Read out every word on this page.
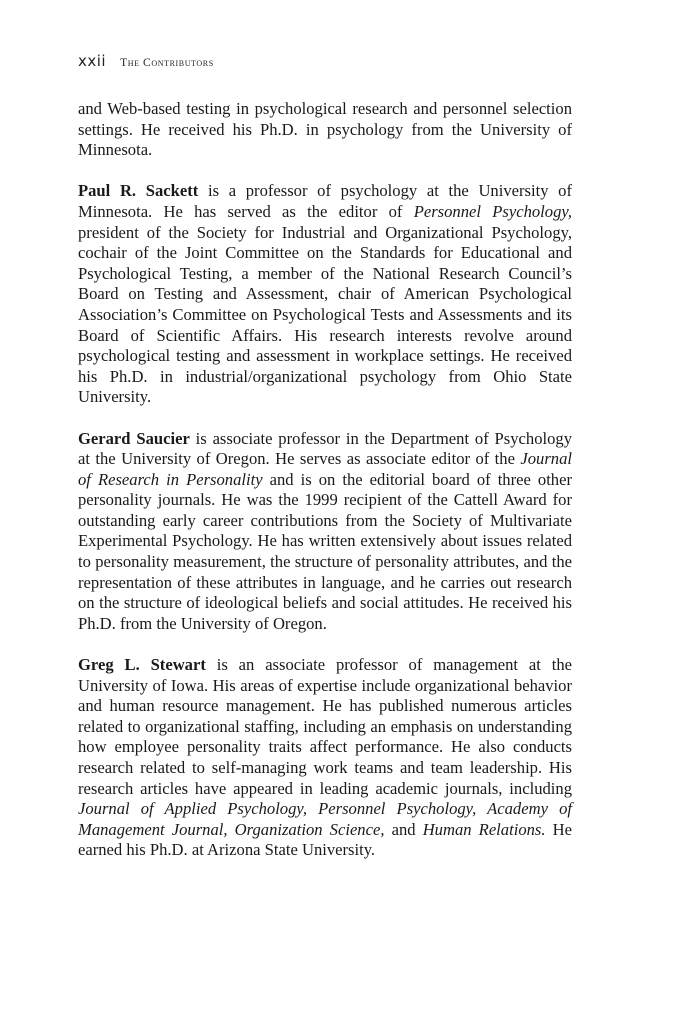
xxii The Contributors

and Web-based testing in psychological research and personnel selection settings. He received his Ph.D. in psychology from the University of Minnesota.

Paul R. Sackett is a professor of psychology at the University of Minnesota. He has served as the editor of Personnel Psychology, president of the Society for Industrial and Organizational Psychology, cochair of the Joint Committee on the Standards for Educational and Psychological Testing, a member of the National Research Council’s Board on Testing and Assessment, chair of American Psychological Association’s Committee on Psychological Tests and Assessments and its Board of Scientific Affairs. His research interests revolve around psychological testing and assessment in workplace settings. He received his Ph.D. in industrial/organizational psychology from Ohio State University.

Gerard Saucier is associate professor in the Department of Psychology at the University of Oregon. He serves as associate editor of the Journal of Research in Personality and is on the editorial board of three other personality journals. He was the 1999 recipient of the Cattell Award for outstanding early career contributions from the Society of Multivariate Experimental Psychology. He has written extensively about issues related to personality measurement, the structure of personality attributes, and the representation of these attributes in language, and he carries out research on the structure of ideological beliefs and social attitudes. He received his Ph.D. from the University of Oregon.

Greg L. Stewart is an associate professor of management at the University of Iowa. His areas of expertise include organizational behavior and human resource management. He has published numerous articles related to organizational staffing, including an emphasis on understanding how employee personality traits affect performance. He also conducts research related to self-managing work teams and team leadership. His research articles have appeared in leading academic journals, including Journal of Applied Psychology, Personnel Psychology, Academy of Management Journal, Organization Science, and Human Relations. He earned his Ph.D. at Arizona State University.
